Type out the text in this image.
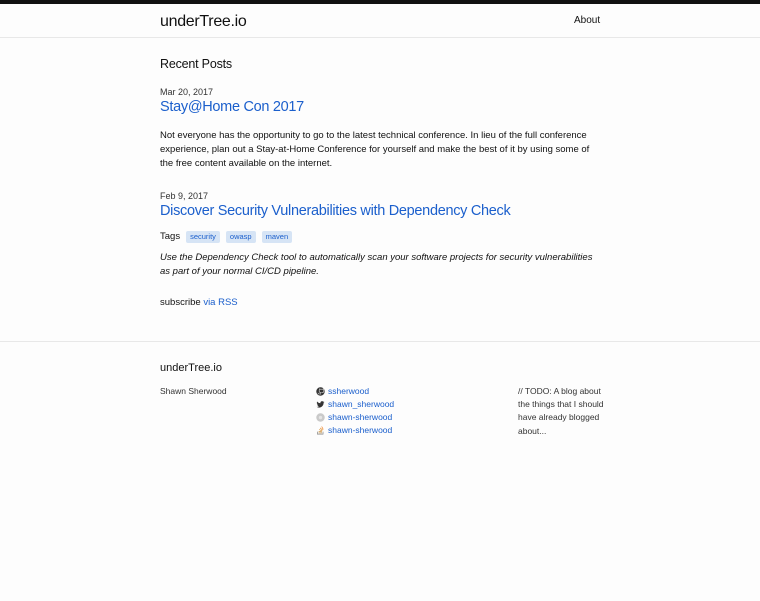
underTree.io	About
Recent Posts
Mar 20, 2017
Stay@Home Con 2017

Not everyone has the opportunity to go to the latest technical conference. In lieu of the full conference experience, plan out a Stay-at-Home Conference for yourself and make the best of it by using some of the free content available on the internet.

Feb 9, 2017
Discover Security Vulnerabilities with Dependency Check
Tags	security	owasp	maven

Use the Dependency Check tool to automatically scan your software projects for security vulnerabilities as part of your normal CI/CD pipeline.

subscribe via RSS
underTree.io
Shawn Sherwood	ssherwood
shawn_sherwood
shawn-sherwood
shawn-sherwood

// TODO: A blog about the things that I should have already blogged about...
